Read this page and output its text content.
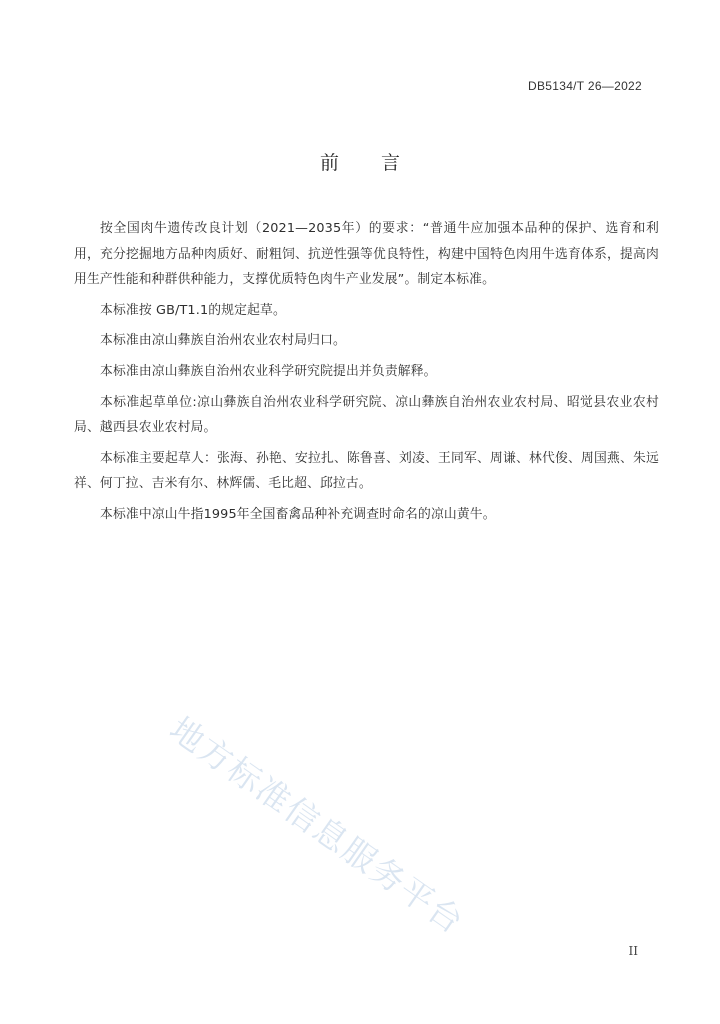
DB5134/T 26—2022
前言

按全国肉牛遗传改良计划（2021—2035年）的要求：“普通牛应加强本品种的保护、选育和利用，充分挖掘地方品种肉质好、耐粗饲、抗逆性强等优良特性，构建中国特色肉用牛选育体系，提高肉用生产性能和种群供种能力，支撑优质特色肉牛产业发展”。制定本标准。

本标准按 GB/T1.1的规定起草。

本标准由凉山彝族自治州农业农村局归口。

本标准由凉山彝族自治州农业科学研究院提出并负责解释。

本标准起草单位:凉山彝族自治州农业科学研究院、凉山彝族自治州农业农村局、昭觉县农业农村局、越西县农业农村局。

本标准主要起草人：张海、孙艳、安拉扎、陈鲁喜、刘凌、王同军、周谦、林代俊、周国燕、朱远祥、何丁拉、吉米有尔、林辉儒、毛比超、邱拉古。

本标准中凉山牛指1995年全国畜禽品种补充调查时命名的凉山黄牛。

地方标准信息服务平台
II
